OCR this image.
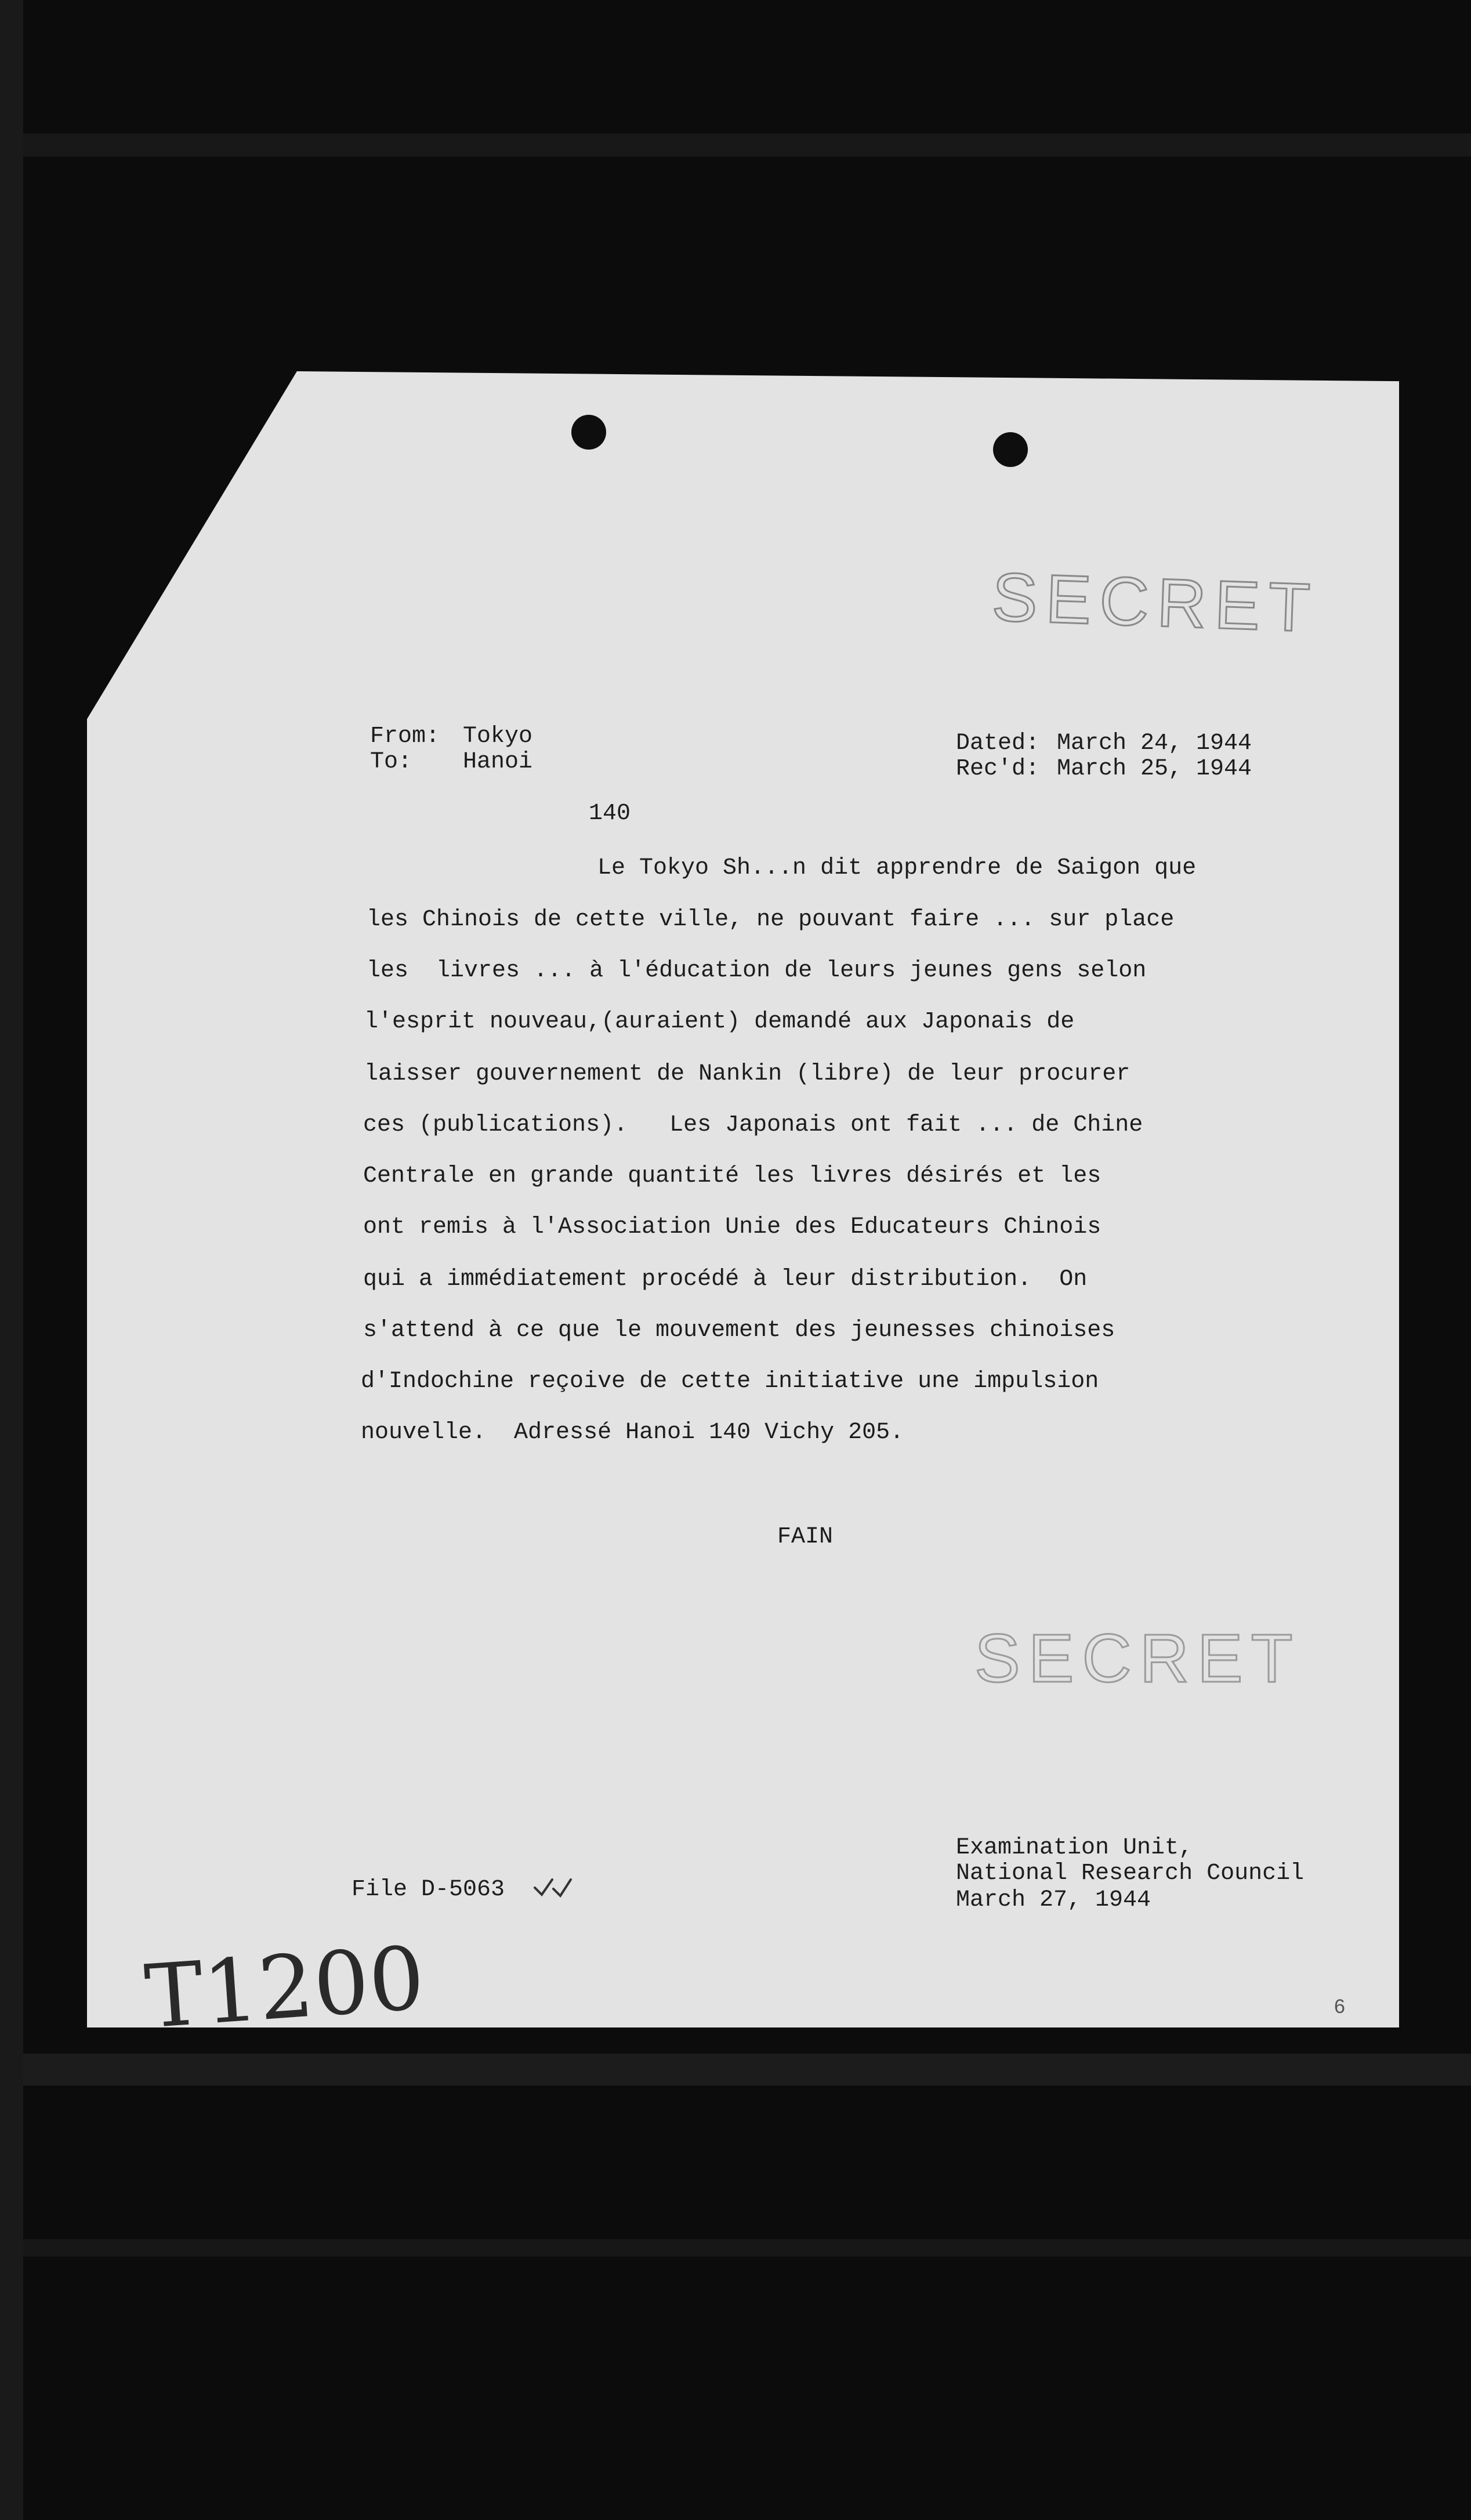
SECRET
SECRET
From: Tokyo
To: Hanoi
Dated: March 24, 1944
Rec'd: March 25, 1944
140
Le Tokyo Sh...n dit apprendre de Saigon que
les Chinois de cette ville, ne pouvant faire ... sur place
les  livres ... à l'éducation de leurs jeunes gens selon
l'esprit nouveau,(auraient) demandé aux Japonais de
laisser gouvernement de Nankin (libre) de leur procurer
ces (publications).   Les Japonais ont fait ... de Chine
Centrale en grande quantité les livres désirés et les
ont remis à l'Association Unie des Educateurs Chinois
qui a immédiatement procédé à leur distribution.  On
s'attend à ce que le mouvement des jeunesses chinoises
d'Indochine reçoive de cette initiative une impulsion
nouvelle.  Adressé Hanoi 140 Vichy 205.
FAIN
Examination Unit,
National Research Council
March 27, 1944
File D-5063
T1200	6
